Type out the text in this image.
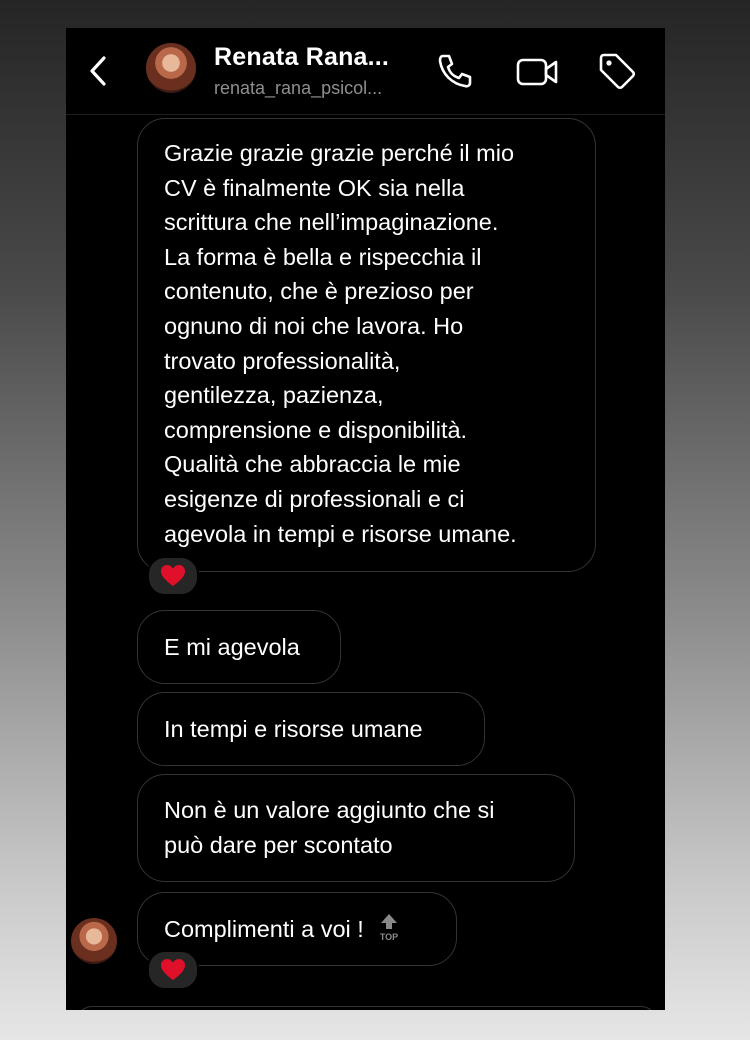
Renata Rana...
renata_rana_psicol...
Grazie grazie grazie perché il mio
CV è finalmente OK sia nella
scrittura che nell’impaginazione.
La forma è bella e rispecchia il
contenuto, che è prezioso per
ognuno di noi che lavora. Ho
trovato professionalità,
gentilezza, pazienza,
comprensione e disponibilità.
Qualità che abbraccia le mie
esigenze di professionali e ci
agevola in tempi e risorse umane.
E mi agevola
In tempi e risorse umane
Non è un valore aggiunto che si
può dare per scontato
Complimenti a voi ! TOP
